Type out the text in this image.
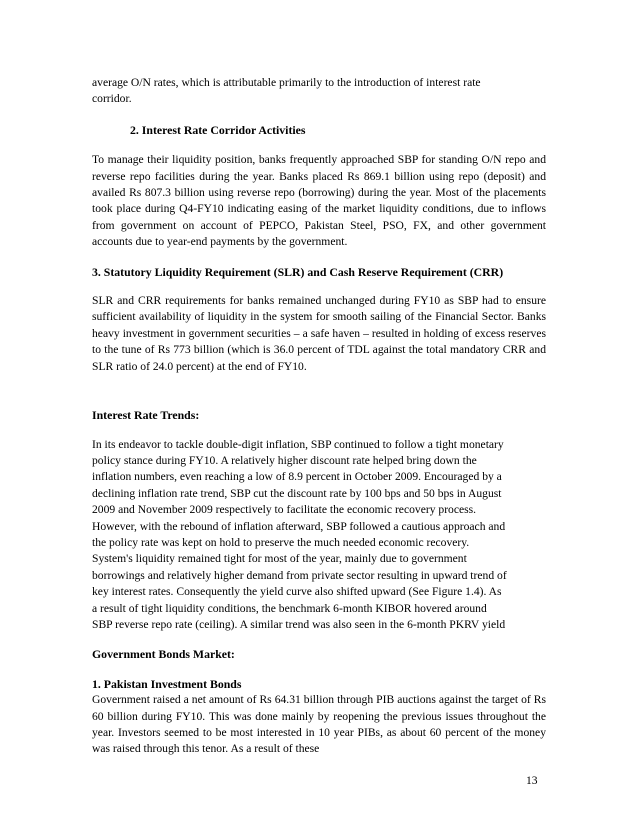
average O/N rates, which is attributable primarily to the introduction of interest rate
corridor.

2. Interest Rate Corridor Activities

To manage their liquidity position, banks frequently approached SBP for standing O/N repo and reverse repo facilities during the year. Banks placed Rs 869.1 billion using repo (deposit) and availed Rs 807.3 billion using reverse repo (borrowing) during the year. Most of the placements took place during Q4-FY10 indicating easing of the market liquidity conditions, due to inflows from government on account of PEPCO, Pakistan Steel, PSO, FX, and other government accounts due to year-end payments by the government.

3. Statutory Liquidity Requirement (SLR) and Cash Reserve Requirement (CRR)

SLR and CRR requirements for banks remained unchanged during FY10 as SBP had to ensure sufficient availability of liquidity in the system for smooth sailing of the Financial Sector. Banks heavy investment in government securities – a safe haven – resulted in holding of excess reserves to the tune of Rs 773 billion (which is 36.0 percent of TDL against the total mandatory CRR and SLR ratio of 24.0 percent) at the end of FY10.

Interest Rate Trends:

In its endeavor to tackle double-digit inflation, SBP continued to follow a tight monetary
policy stance during FY10. A relatively higher discount rate helped bring down the
inflation numbers, even reaching a low of 8.9 percent in October 2009. Encouraged by a
declining inflation rate trend, SBP cut the discount rate by 100 bps and 50 bps in August
2009 and November 2009 respectively to facilitate the economic recovery process.
However, with the rebound of inflation afterward, SBP followed a cautious approach and
the policy rate was kept on hold to preserve the much needed economic recovery.
System's liquidity remained tight for most of the year, mainly due to government
borrowings and relatively higher demand from private sector resulting in upward trend of
key interest rates. Consequently the yield curve also shifted upward (See Figure 1.4). As
a result of tight liquidity conditions, the benchmark 6-month KIBOR hovered around
SBP reverse repo rate (ceiling). A similar trend was also seen in the 6-month PKRV yield

Government Bonds Market:
1. Pakistan Investment Bonds

Government raised a net amount of Rs 64.31 billion through PIB auctions against the target of Rs 60 billion during FY10. This was done mainly by reopening the previous issues throughout the year. Investors seemed to be most interested in 10 year PIBs, as about 60 percent of the money was raised through this tenor. As a result of these

13
